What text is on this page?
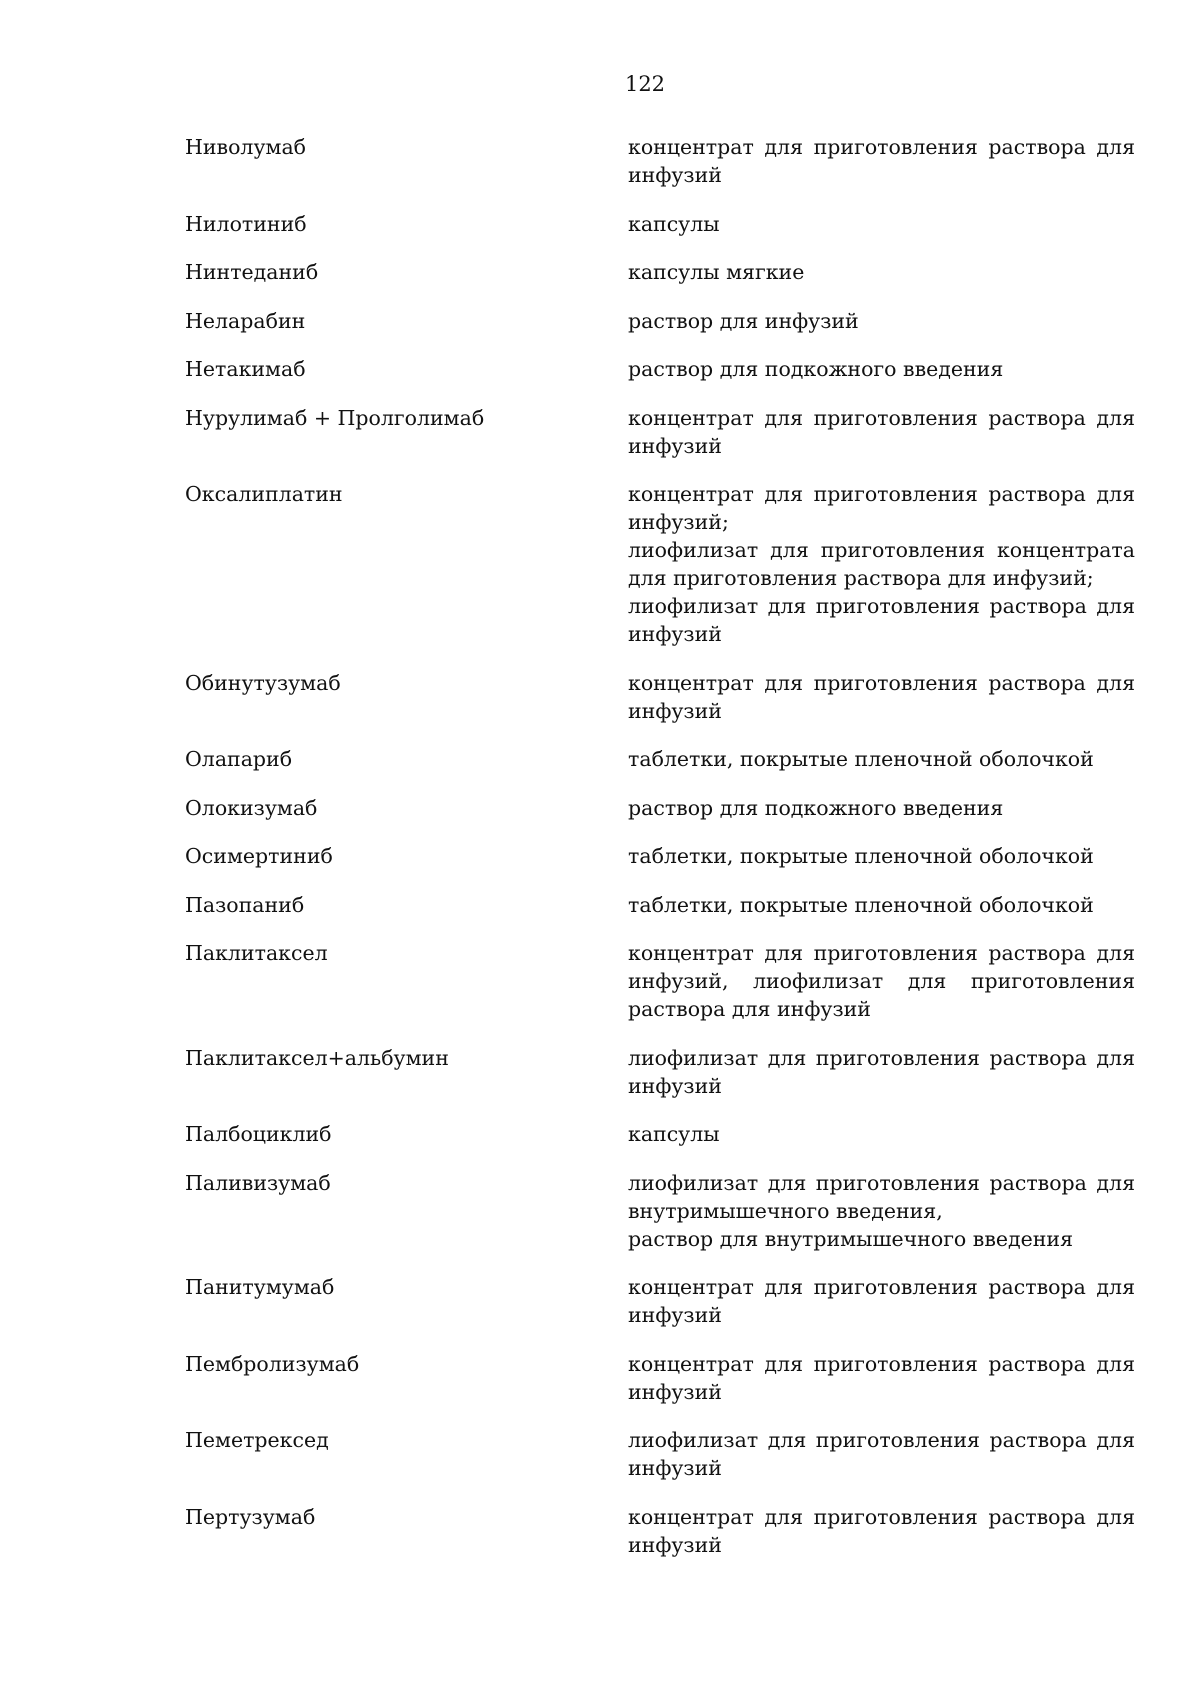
122
Ниволумаб	концентрат для приготовления раствора для инфузий
Нилотиниб	капсулы
Нинтеданиб	капсулы мягкие
Неларабин	раствор для инфузий
Нетакимаб	раствор для подкожного введения
Нурулимаб + Пролголимаб	концентрат для приготовления раствора для инфузий
Оксалиплатин	концентрат для приготовления раствора для инфузий;
лиофилизат для приготовления концентрата для приготовления раствора для инфузий;
лиофилизат для приготовления раствора для инфузий
Обинутузумаб	концентрат для приготовления раствора для инфузий
Олапариб	таблетки, покрытые пленочной оболочкой
Олокизумаб	раствор для подкожного введения
Осимертиниб	таблетки, покрытые пленочной оболочкой
Пазопаниб	таблетки, покрытые пленочной оболочкой
Паклитаксел	концентрат для приготовления раствора для инфузий, лиофилизат для приготовления раствора для инфузий
Паклитаксел+альбумин	лиофилизат для приготовления раствора для инфузий
Палбоциклиб	капсулы
Паливизумаб	лиофилизат для приготовления раствора для внутримышечного введения,
раствор для внутримышечного введения
Панитумумаб	концентрат для приготовления раствора для инфузий
Пембролизумаб	концентрат для приготовления раствора для инфузий
Пеметрексед	лиофилизат для приготовления раствора для инфузий
Пертузумаб	концентрат для приготовления раствора для инфузий
